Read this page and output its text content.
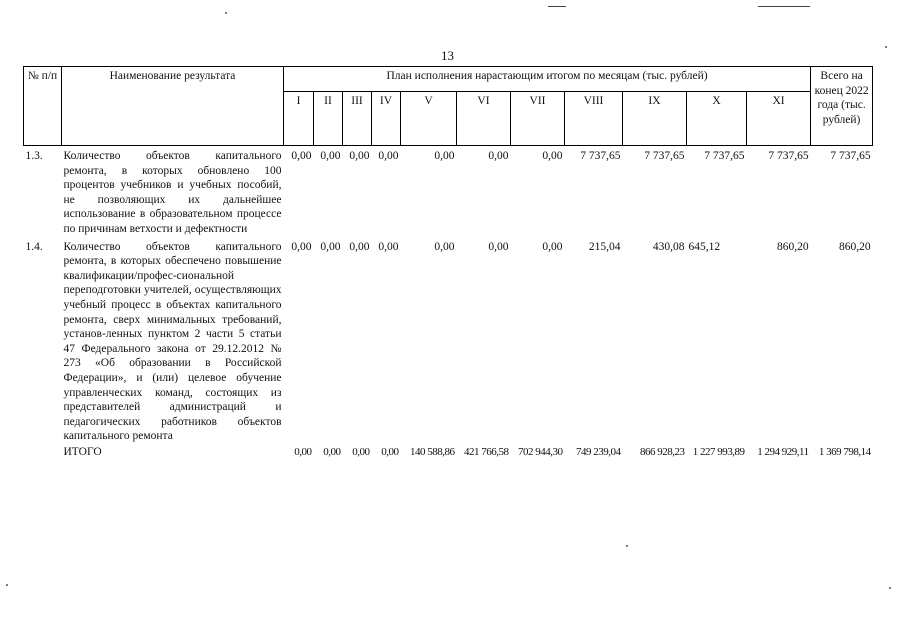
13
№ п/п	Наименование результата	План исполнения нарастающим итогом по месяцам (тыс. рублей)											Всего на конец 2022 года (тыс. рублей)
		I	II	III	IV	V	VI	VII	VIII	IX	X	XI	
1.3.	Количество объектов капитального ремонта, в которых обновлено 100 процентов учебников и учебных пособий, не позволяющих их дальнейшее использование в образовательном процессе по причинам ветхости и дефектности	0,00	0,00	0,00	0,00	0,00	0,00	0,00	7 737,65	7 737,65	7 737,65	7 737,65	7 737,65
1.4.	Количество объектов капитального ремонта, в которых обеспечено повышение квалификации/профес-сиональной переподготовки учителей, осуществляющих учебный процесс в объектах капитального ремонта, сверх минимальных требований, установ-ленных пунктом 2 части 5 статьи 47 Федерального закона от 29.12.2012 № 273 «Об образовании в Российской Федерации», и (или) целевое обучение управленческих команд, состоящих из представителей администраций и педагогических работников объектов капитального ремонта	0,00	0,00	0,00	0,00	0,00	0,00	0,00	215,04	430,08	645,12	860,20	860,20
	ИТОГО	0,00	0,00	0,00	0,00	140 588,86	421 766,58	702 944,30	749 239,04	866 928,23	1 227 993,89	1 294 929,11	1 369 798,14
